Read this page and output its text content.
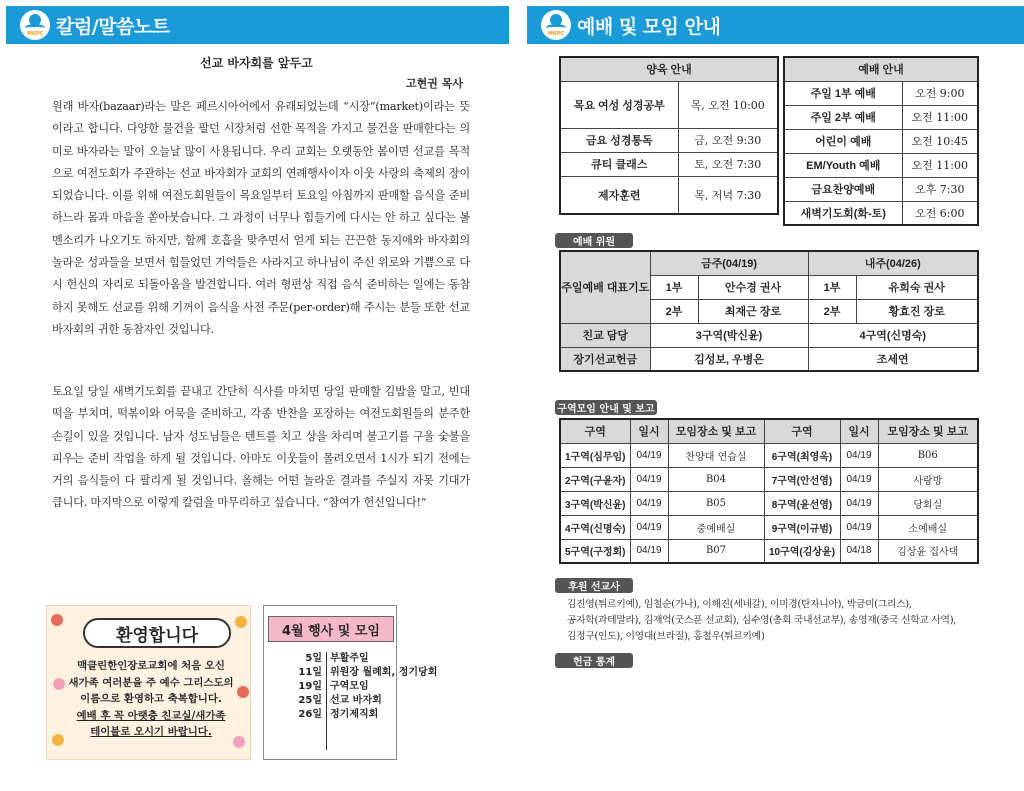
MKPC 칼럼/말씀노트	MKPC 예배 및 모임 안내
선교 바자회를 앞두고
고현권 목사
원래 바자(bazaar)라는 말은 페르시아어에서 유래되었는데 “시장”(market)이라는 뜻이라고 합니다. 다양한 물건을 팔던 시장처럼 선한 목적을 가지고 물건을 판매한다는 의미로 바자라는 말이 오늘날 많이 사용됩니다. 우리 교회는 오랫동안 봄이면 선교를 목적으로 여전도회가 주관하는 선교 바자회가 교회의 연례행사이자 이웃 사랑의 축제의 장이 되었습니다. 이를 위해 여전도회원들이 목요일부터 토요일 아침까지 판매할 음식을 준비하느라 몸과 마음을 쏟아붓습니다. 그 과정이 너무나 힘들기에 다시는 안 하고 싶다는 볼멘소리가 나오기도 하지만, 함께 호흡을 맞추면서 얻게 되는 끈끈한 동지애와 바자회의 놀라운 성과들을 보면서 힘들었던 기억들은 사라지고 하나님이 주신 위로와 기쁨으로 다시 헌신의 자리로 되돌아옴을 발견합니다. 여러 형편상 직접 음식 준비하는 일에는 동참하지 못해도 선교를 위해 기꺼이 음식을 사전 주문(per-order)해 주시는 분들 또한 선교 바자회의 귀한 동참자인 것입니다.
토요일 당일 새벽기도회를 끝내고 간단히 식사를 마치면 당일 판매할 김밥을 말고, 빈대떡을 부치며, 떡볶이와 어묵을 준비하고, 각종 반찬을 포장하는 여전도회원들의 분주한 손길이 있을 것입니다. 남자 성도님들은 텐트를 치고 상을 차리며 불고기를 구울 숯불을 피우는 준비 작업을 하게 될 것입니다. 아마도 이웃들이 몰려오면서 1시가 되기 전에는 거의 음식들이 다 팔리게 될 것입니다. 올해는 어떤 놀라운 결과를 주실지 자못 기대가 큽니다. 마지막으로 이렇게 칼럼을 마무리하고 싶습니다. “참여가 헌신입니다!”
환영합니다
맥클린한인장로교회에 처음 오신
새가족 여러분을 주 예수 그리스도의
이름으로 환영하고 축복합니다.
예배 후 꼭 아랫층 친교실/새가족
테이블로 오시기 바랍니다.
4월 행사 및 모임
5일 부활주일
11일 위원장 월례회, 정기당회
19일 구역모임
25일 선교 바자회
26일 정기제직회
양육 안내	
목요 여성 성경공부	목, 오전 10:00
금요 성경통독	금, 오전 9:30
큐티 클래스	토, 오전 7:30
제자훈련	목, 저녁 7:30
예배 안내	
주일 1부 예배	오전 9:00
주일 2부 예배	오전 11:00
어린이 예배	오전 10:45
EM/Youth 예배	오전 11:00
금요찬양예배	오후 7:30
새벽기도회(화-토)	오전 6:00
예배 위원
주일예배 대표기도	금주(04/19)		내주(04/26)	
	1부	안수경 권사	1부	유희숙 권사
	2부	최재근 장로	2부	황효진 장로
친교 담당	3구역(박신윤)		4구역(신명숙)	
장기선교헌금	김성보, 우병은		조세연	
구역모임 안내 및 보고
구역	일시	모임장소 및 보고	구역	일시	모임장소 및 보고
1구역(심무임)	04/19	찬양대 연습실	6구역(최영옥)	04/19	B06
2구역(구윤자)	04/19	B04	7구역(안선영)	04/19	사랑방
3구역(박신윤)	04/19	B05	8구역(윤선영)	04/19	당회실
4구역(신명숙)	04/19	중예배실	9구역(이규범)	04/19	소예배실
5구역(구정회)	04/19	B07	10구역(김상윤)	04/18	김상윤 집사댁
후원 선교사
김진영(튀르키예), 임철순(가나), 이해진(세네갈), 이미경(탄자니아), 박금미(그리스),
공자학(과테말라), 김재억(굿스푼 선교회), 심수영(총회 국내선교부), 송영재(중국 신학교 사역),
김정구(인도), 이영대(브라질), 홍철우(튀르키예)
헌금 통계
